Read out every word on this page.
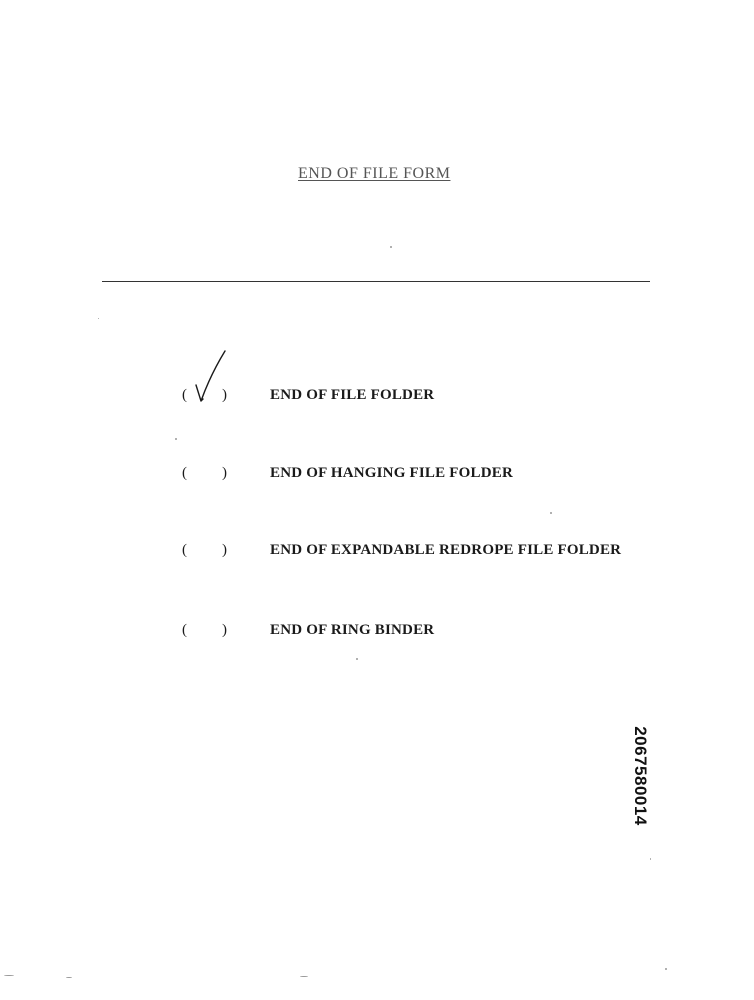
END OF FILE FORM
( )	END OF FILE FOLDER
( )	END OF HANGING FILE FOLDER
( )	END OF EXPANDABLE REDROPE FILE FOLDER
( )	END OF RING BINDER
2067580014
